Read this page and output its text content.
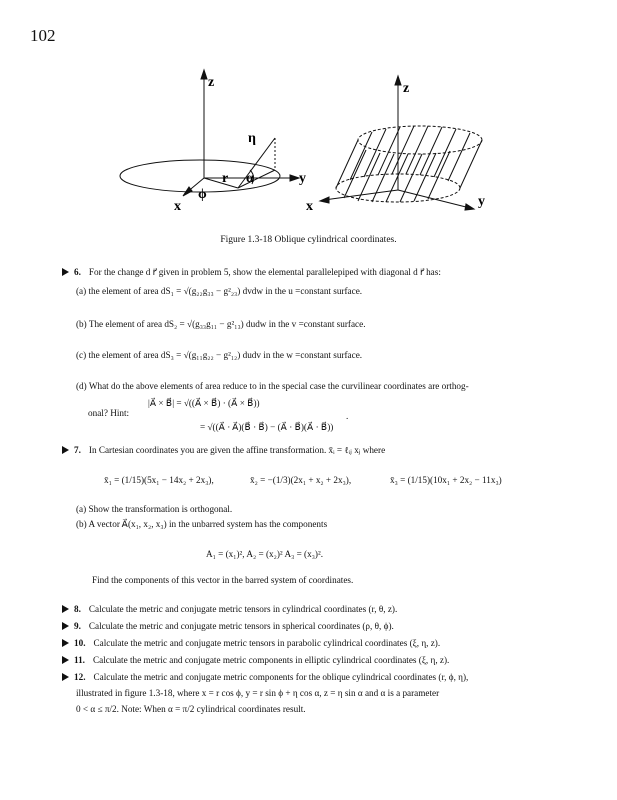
102
z
η
r α	y
ϕ
x
z
x	y
Figure 1.3-18 Oblique cylindrical coordinates.
6. For the change d r⃗ given in problem 5, show the elemental parallelepiped with diagonal d r⃗ has:
(a) the element of area dS₁ = √(g₂₂g₃₃ − g²₂₃) dvdw in the u =constant surface.
(b) The element of area dS₂ = √(g₃₃g₁₁ − g²₁₃) dudw in the v =constant surface.
(c) the element of area dS₃ = √(g₁₁g₂₂ − g²₁₂) dudv in the w =constant surface.
(d) What do the above elements of area reduce to in the special case the curvilinear coordinates are orthog-
onal? Hint:
|A⃗ × B⃗| = √((A⃗ × B⃗) · (A⃗ × B⃗))
= √((A⃗ · A⃗)(B⃗ · B⃗) − (A⃗ · B⃗)(A⃗ · B⃗))
.
7. In Cartesian coordinates you are given the affine transformation. x̄ᵢ = ℓᵢⱼ xⱼ where
x̄₁ = (1/15)(5x₁ − 14x₂ + 2x₃),	x̄₂ = −(1/3)(2x₁ + x₂ + 2x₃),	x̄₃ = (1/15)(10x₁ + 2x₂ − 11x₃)
(a) Show the transformation is orthogonal.
(b) A vector A⃗(x₁, x₂, x₃) in the unbarred system has the components
A₁ = (x₁)², A₂ = (x₂)² A₃ = (x₃)².
Find the components of this vector in the barred system of coordinates.
8. Calculate the metric and conjugate metric tensors in cylindrical coordinates (r, θ, z).
9. Calculate the metric and conjugate metric tensors in spherical coordinates (ρ, θ, ϕ).
10. Calculate the metric and conjugate metric tensors in parabolic cylindrical coordinates (ξ, η, z).
11. Calculate the metric and conjugate metric components in elliptic cylindrical coordinates (ξ, η, z).
12. Calculate the metric and conjugate metric components for the oblique cylindrical coordinates (r, ϕ, η),
illustrated in figure 1.3-18, where x = r cos ϕ, y = r sin ϕ + η cos α, z = η sin α and α is a parameter
0 < α ≤ π/2. Note: When α = π/2 cylindrical coordinates result.
